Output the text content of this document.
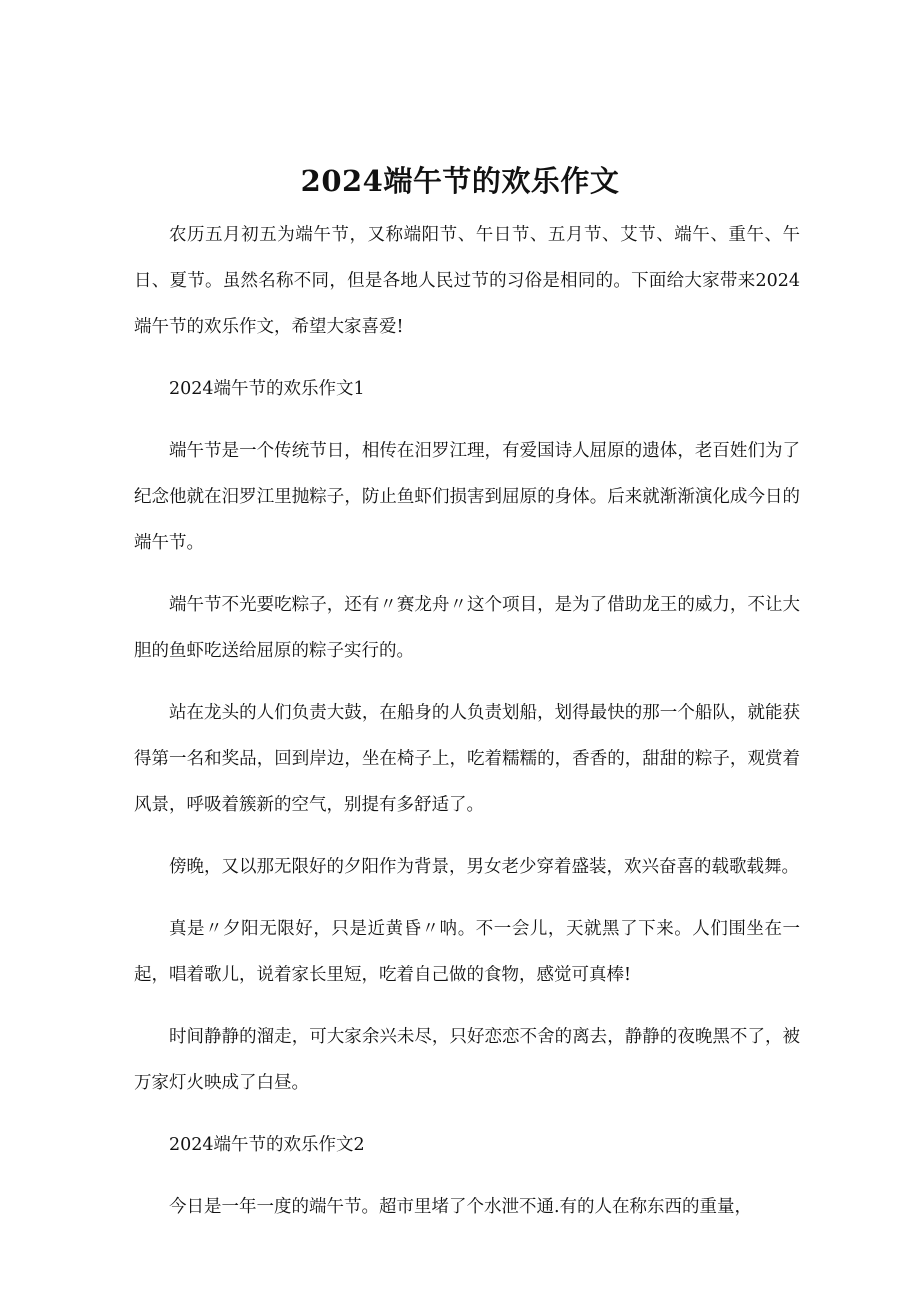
2024端午节的欢乐作文

农历五月初五为端午节，又称端阳节、午日节、五月节、艾节、端午、重午、午日、夏节。虽然名称不同，但是各地人民过节的习俗是相同的。下面给大家带来2024端午节的欢乐作文，希望大家喜爱!

2024端午节的欢乐作文1

端午节是一个传统节日，相传在汨罗江理，有爱国诗人屈原的遗体，老百姓们为了纪念他就在汨罗江里抛粽子，防止鱼虾们损害到屈原的身体。后来就渐渐演化成今日的端午节。

端午节不光要吃粽子，还有〃赛龙舟〃这个项目，是为了借助龙王的威力，不让大胆的鱼虾吃送给屈原的粽子实行的。

站在龙头的人们负责大鼓，在船身的人负责划船，划得最快的那一个船队，就能获得第一名和奖品，回到岸边，坐在椅子上，吃着糯糯的，香香的，甜甜的粽子，观赏着风景，呼吸着簇新的空气，别提有多舒适了。

傍晚，又以那无限好的夕阳作为背景，男女老少穿着盛装，欢兴奋喜的载歌载舞。

真是〃夕阳无限好，只是近黄昏〃呐。不一会儿，天就黑了下来。人们围坐在一起，唱着歌儿，说着家长里短，吃着自己做的食物，感觉可真棒!

时间静静的溜走，可大家余兴未尽，只好恋恋不舍的离去，静静的夜晚黑不了，被万家灯火映成了白昼。

2024端午节的欢乐作文2

今日是一年一度的端午节。超市里堵了个水泄不通.有的人在称东西的重量，
